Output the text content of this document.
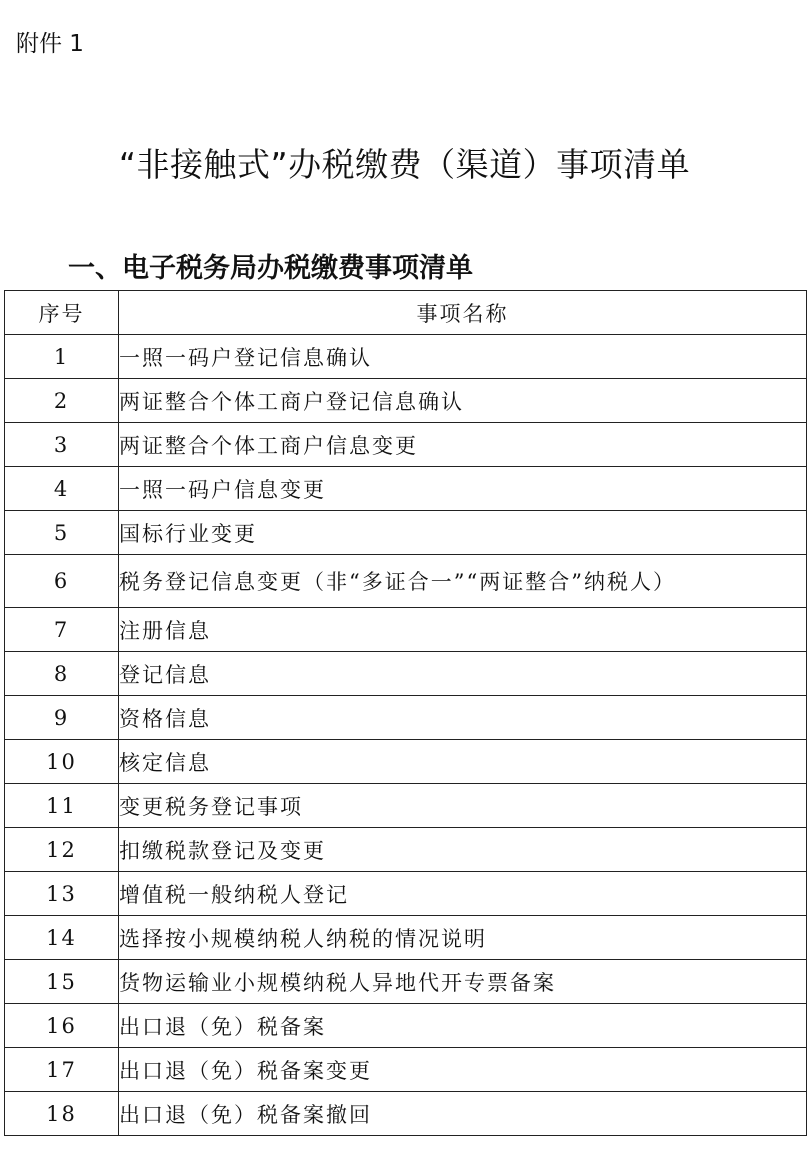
附件 1
“非接触式”办税缴费（渠道）事项清单
一、电子税务局办税缴费事项清单
序号	事项名称
1	一照一码户登记信息确认
2	两证整合个体工商户登记信息确认
3	两证整合个体工商户信息变更
4	一照一码户信息变更
5	国标行业变更
6	税务登记信息变更（非“多证合一”“两证整合”纳税人）
7	注册信息
8	登记信息
9	资格信息
10	核定信息
11	变更税务登记事项
12	扣缴税款登记及变更
13	增值税一般纳税人登记
14	选择按小规模纳税人纳税的情况说明
15	货物运输业小规模纳税人异地代开专票备案
16	出口退（免）税备案
17	出口退（免）税备案变更
18	出口退（免）税备案撤回
